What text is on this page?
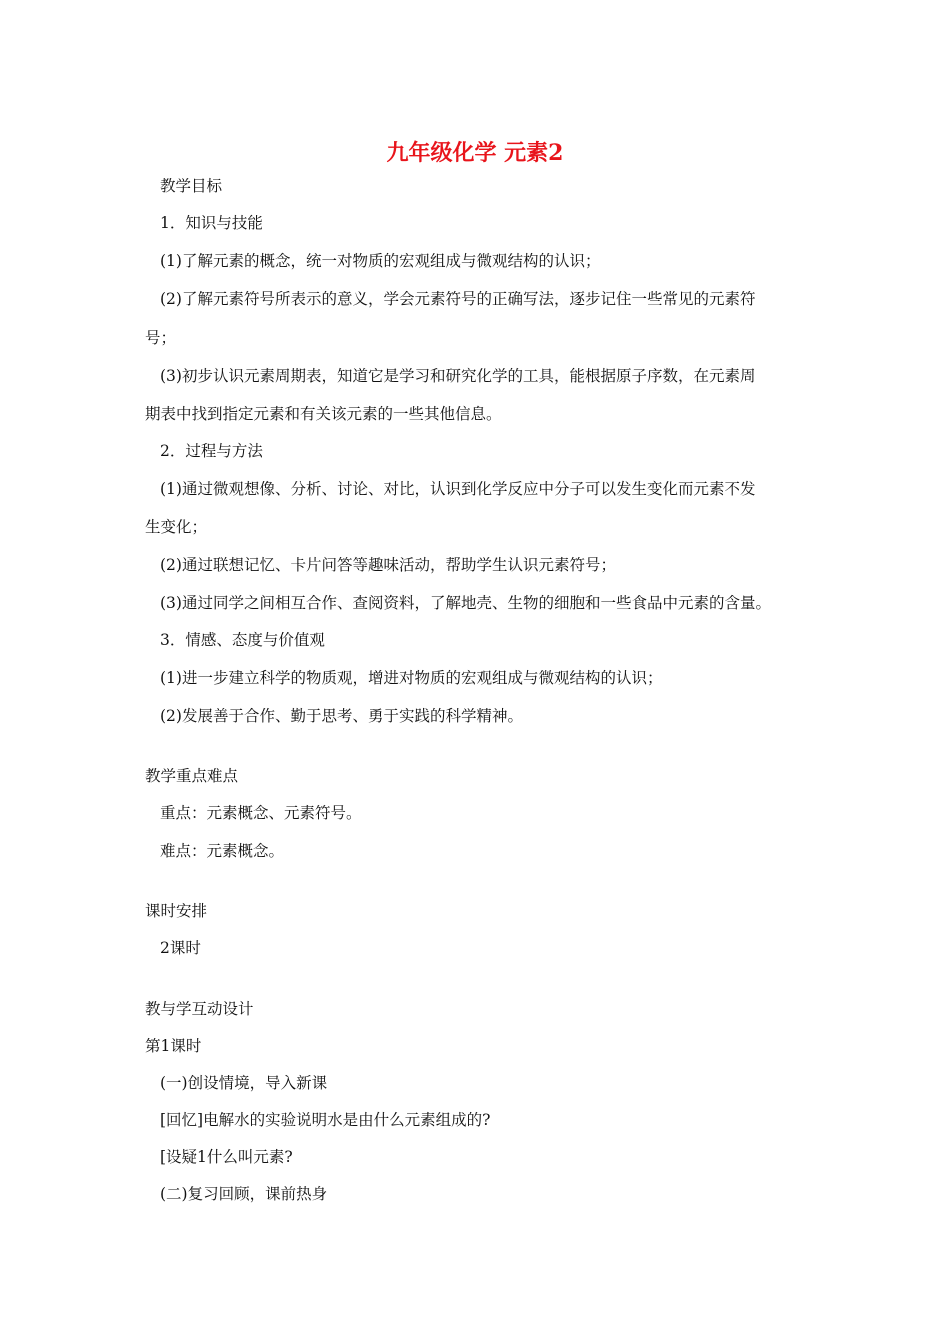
九年级化学 元素2
教学目标
1．知识与技能
(1)了解元素的概念，统一对物质的宏观组成与微观结构的认识；
(2)了解元素符号所表示的意义，学会元素符号的正确写法，逐步记住一些常见的元素符
号；
(3)初步认识元素周期表，知道它是学习和研究化学的工具，能根据原子序数，在元素周
期表中找到指定元素和有关该元素的一些其他信息。
2．过程与方法
(1)通过微观想像、分析、讨论、对比，认识到化学反应中分子可以发生变化而元素不发
生变化；
(2)通过联想记忆、卡片问答等趣味活动，帮助学生认识元素符号；
(3)通过同学之间相互合作、查阅资料，了解地壳、生物的细胞和一些食品中元素的含量。
3．情感、态度与价值观
(1)进一步建立科学的物质观，增进对物质的宏观组成与微观结构的认识；
(2)发展善于合作、勤于思考、勇于实践的科学精神。
教学重点难点
重点：元素概念、元素符号。
难点：元素概念。
课时安排
2课时
教与学互动设计
第1课时
(一)创设情境，导入新课
[回忆]电解水的实验说明水是由什么元素组成的?
[设疑1什么叫元素?
(二)复习回顾，课前热身
